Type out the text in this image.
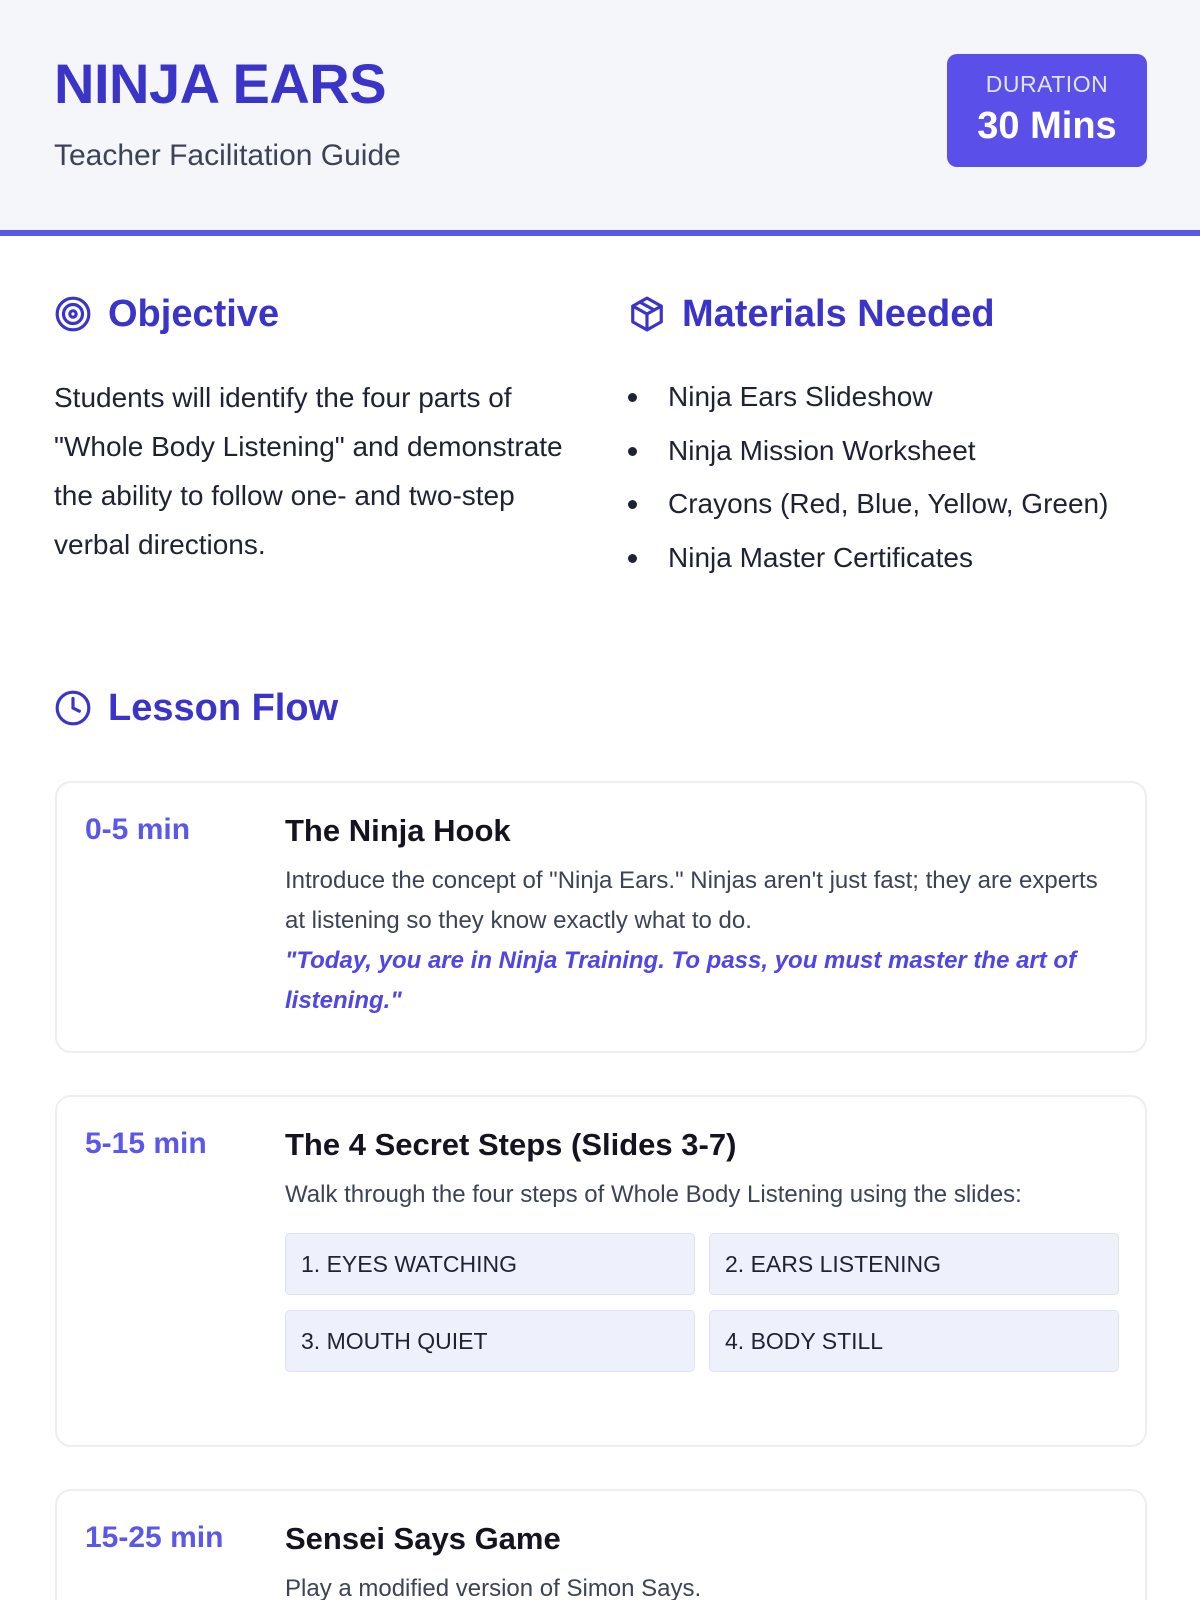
NINJA EARS
Teacher Facilitation Guide
DURATION
30 Mins
Objective

Students will identify the four parts of "Whole Body Listening" and demonstrate the ability to follow one- and two-step verbal directions.

Materials Needed
Ninja Ears Slideshow
Ninja Mission Worksheet
Crayons (Red, Blue, Yellow, Green)
Ninja Master Certificates
Lesson Flow
0-5 min	The Ninja Hook
Introduce the concept of "Ninja Ears." Ninjas aren't just fast; they are experts at listening so they know exactly what to do.
"Today, you are in Ninja Training. To pass, you must master the art of listening."
5-15 min	The 4 Secret Steps (Slides 3-7)
Walk through the four steps of Whole Body Listening using the slides:
1. EYES WATCHING	2. EARS LISTENING
3. MOUTH QUIET	4. BODY STILL
15-25 min Sensei Says Game
Play a modified version of Simon Says.
